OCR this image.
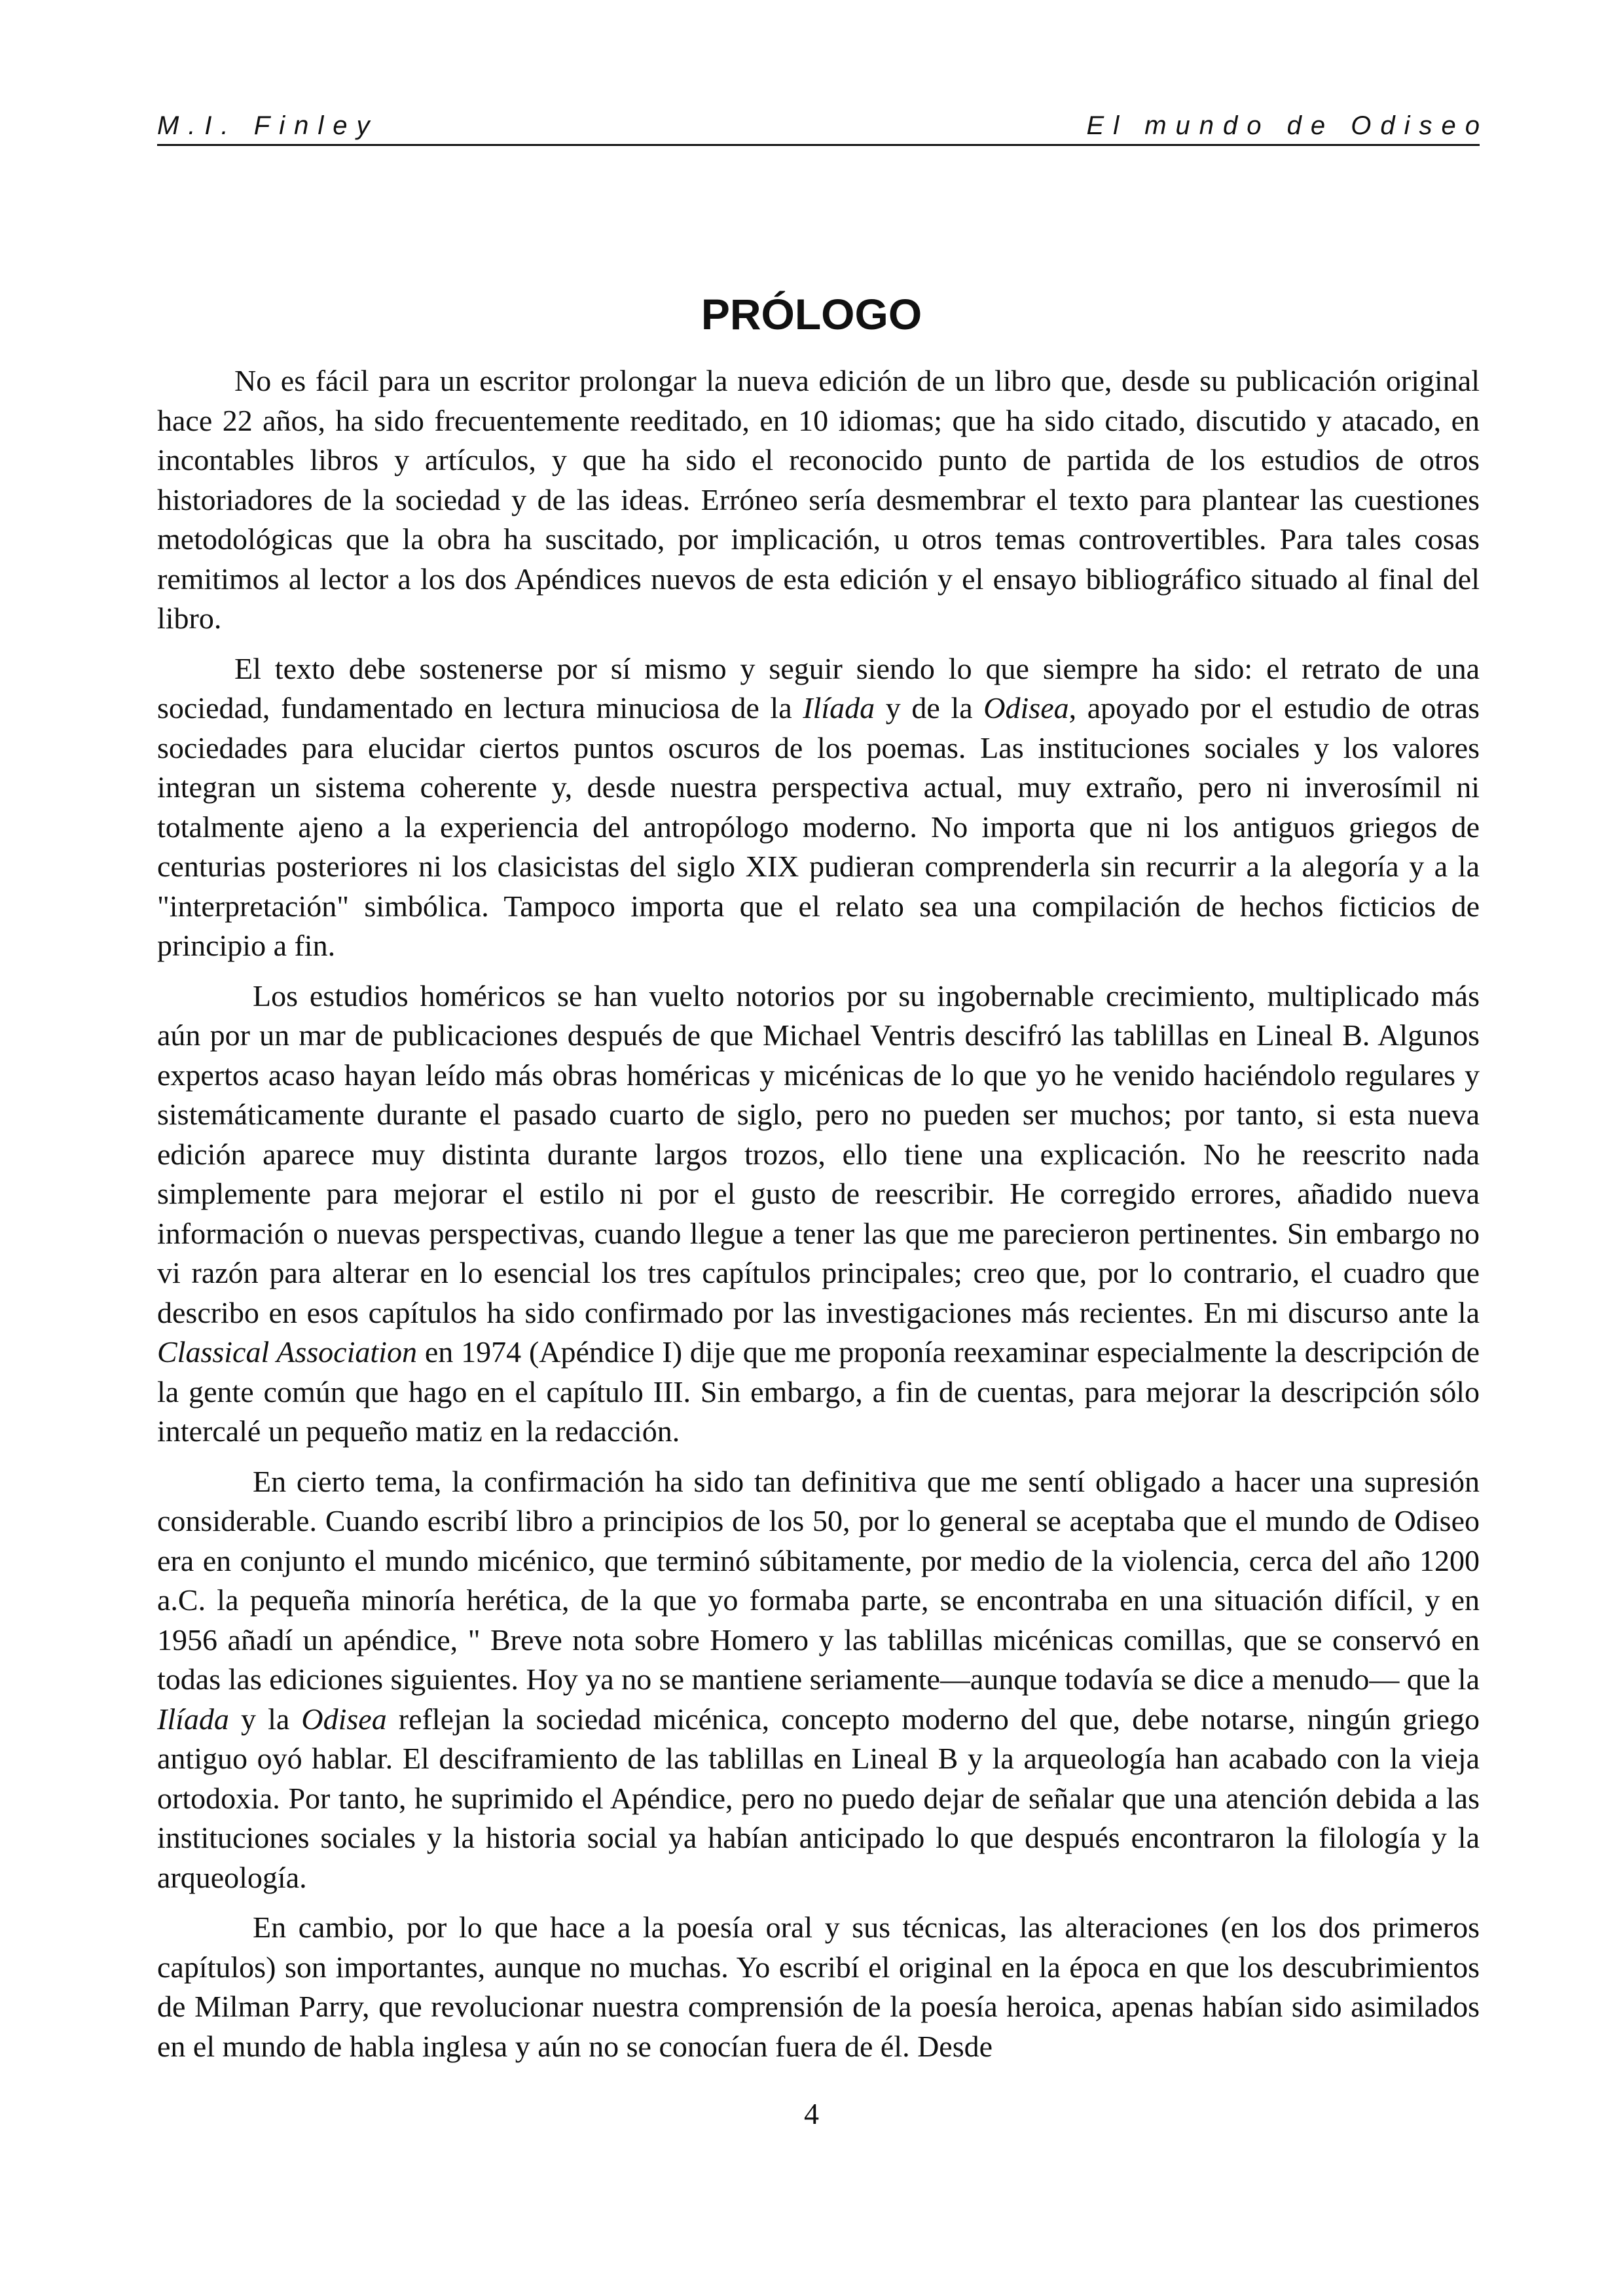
M.I. Finley	El mundo de Odiseo
PRÓLOGO

No es fácil para un escritor prolongar la nueva edición de un libro que, desde su publicación original hace 22 años, ha sido frecuentemente reeditado, en 10 idiomas; que ha sido citado, discutido y atacado, en incontables libros y artículos, y que ha sido el reconocido punto de partida de los estudios de otros historiadores de la sociedad y de las ideas. Erróneo sería desmembrar el texto para plantear las cuestiones metodológicas que la obra ha suscitado, por implicación, u otros temas controvertibles. Para tales cosas remitimos al lector a los dos Apéndices nuevos de esta edición y el ensayo bibliográfico situado al final del libro.

El texto debe sostenerse por sí mismo y seguir siendo lo que siempre ha sido: el retrato de una sociedad, fundamentado en lectura minuciosa de la Ilíada y de la Odisea, apoyado por el estudio de otras sociedades para elucidar ciertos puntos oscuros de los poemas. Las instituciones sociales y los valores integran un sistema coherente y, desde nuestra perspectiva actual, muy extraño, pero ni inverosímil ni totalmente ajeno a la experiencia del antropólogo moderno. No importa que ni los antiguos griegos de centurias posteriores ni los clasicistas del siglo XIX pudieran comprenderla sin recurrir a la alegoría y a la "interpretación" simbólica. Tampoco importa que el relato sea una compilación de hechos ficticios de principio a fin.

Los estudios homéricos se han vuelto notorios por su ingobernable crecimiento, multiplicado más aún por un mar de publicaciones después de que Michael Ventris descifró las tablillas en Lineal B. Algunos expertos acaso hayan leído más obras homéricas y micénicas de lo que yo he venido haciéndolo regulares y sistemáticamente durante el pasado cuarto de siglo, pero no pueden ser muchos; por tanto, si esta nueva edición aparece muy distinta durante largos trozos, ello tiene una explicación. No he reescrito nada simplemente para mejorar el estilo ni por el gusto de reescribir. He corregido errores, añadido nueva información o nuevas perspectivas, cuando llegue a tener las que me parecieron pertinentes. Sin embargo no vi razón para alterar en lo esencial los tres capítulos principales; creo que, por lo contrario, el cuadro que describo en esos capítulos ha sido confirmado por las investigaciones más recientes. En mi discurso ante la Classical Association en 1974 (Apéndice I) dije que me proponía reexaminar especialmente la descripción de la gente común que hago en el capítulo III. Sin embargo, a fin de cuentas, para mejorar la descripción sólo intercalé un pequeño matiz en la redacción.

En cierto tema, la confirmación ha sido tan definitiva que me sentí obligado a hacer una supresión considerable. Cuando escribí libro a principios de los 50, por lo general se aceptaba que el mundo de Odiseo era en conjunto el mundo micénico, que terminó súbitamente, por medio de la violencia, cerca del año 1200 a.C. la pequeña minoría herética, de la que yo formaba parte, se encontraba en una situación difícil, y en 1956 añadí un apéndice, " Breve nota sobre Homero y las tablillas micénicas comillas, que se conservó en todas las ediciones siguientes. Hoy ya no se mantiene seriamente—aunque todavía se dice a menudo— que la Ilíada y la Odisea reflejan la sociedad micénica, concepto moderno del que, debe notarse, ningún griego antiguo oyó hablar. El desciframiento de las tablillas en Lineal B y la arqueología han acabado con la vieja ortodoxia. Por tanto, he suprimido el Apéndice, pero no puedo dejar de señalar que una atención debida a las instituciones sociales y la historia social ya habían anticipado lo que después encontraron la filología y la arqueología.

En cambio, por lo que hace a la poesía oral y sus técnicas, las alteraciones (en los dos primeros capítulos) son importantes, aunque no muchas. Yo escribí el original en la época en que los descubrimientos de Milman Parry, que revolucionar nuestra comprensión de la poesía heroica, apenas habían sido asimilados en el mundo de habla inglesa y aún no se conocían fuera de él. Desde

4
